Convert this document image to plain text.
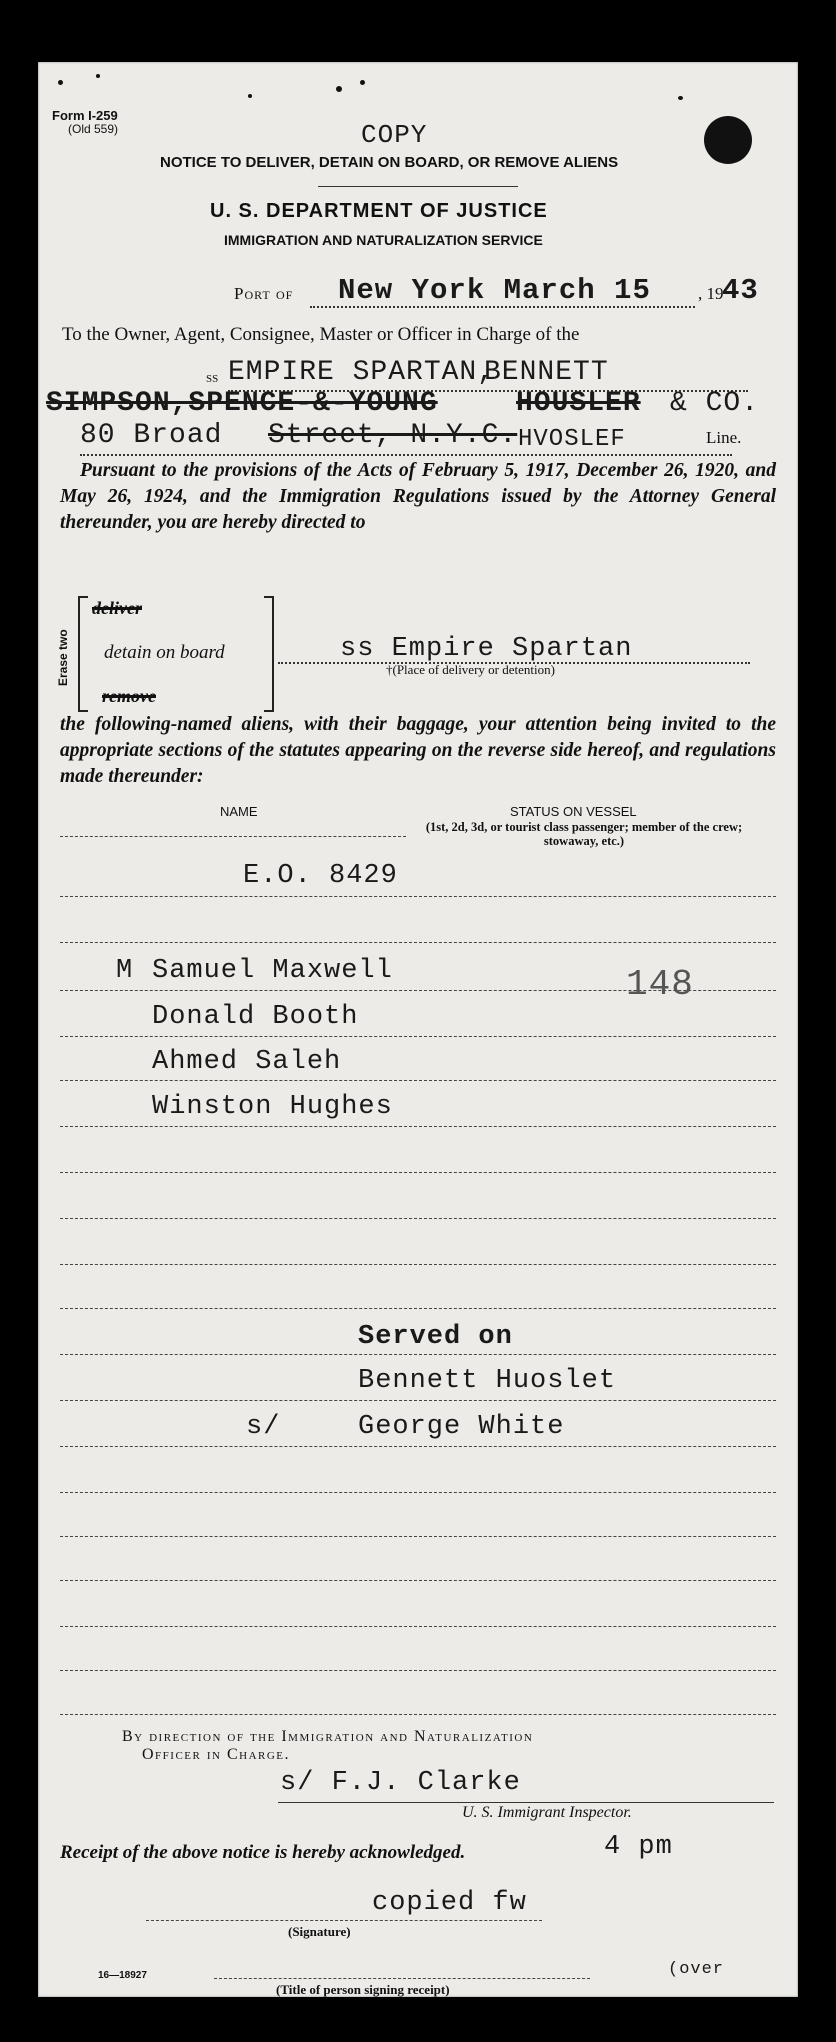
Form I-259
(Old 559)	COPY
NOTICE TO DELIVER, DETAIN ON BOARD, OR REMOVE ALIENS
U. S. DEPARTMENT OF JUSTICE
IMMIGRATION AND NATURALIZATION SERVICE
Port of New York March 15	, 19
43
To the Owner, Agent, Consignee, Master or Officer in Charge of the
ss EMPIRE SPARTAN,
BENNETT
SIMPSON,SPENCE-&-YOUNG	HOUSLER & CO.
80 Broad Street, N.Y.C. HVOSLEF	Line.
Pursuant to the provisions of the Acts of February 5, 1917, December 26, 1920, and May 26, 1924, and the Immigration Regulations issued by the Attorney General thereunder, you are hereby directed to
Erase two
deliver
detain on board
remove
ss Empire Spartan
†(Place of delivery or detention)
the following-named aliens, with their baggage, your attention being invited to the appropriate sections of the statutes appearing on the reverse side hereof, and regulations made thereunder:
NAME	STATUS ON VESSEL
(1st, 2d, 3d, or tourist class passenger; member of the crew; stowaway, etc.)
E.O. 8429
M Samuel Maxwell	148
Donald Booth
Ahmed Saleh
Winston Hughes
Served on
Bennett Huoslet
s/	George White
By direction of the Immigration and Naturalization
Officer in Charge.
s/ F.J. Clarke
U. S. Immigrant Inspector.
Receipt of the above notice is hereby acknowledged.	4 pm
copied fw
(Signature)
(Title of person signing receipt)
16—18927	(over
